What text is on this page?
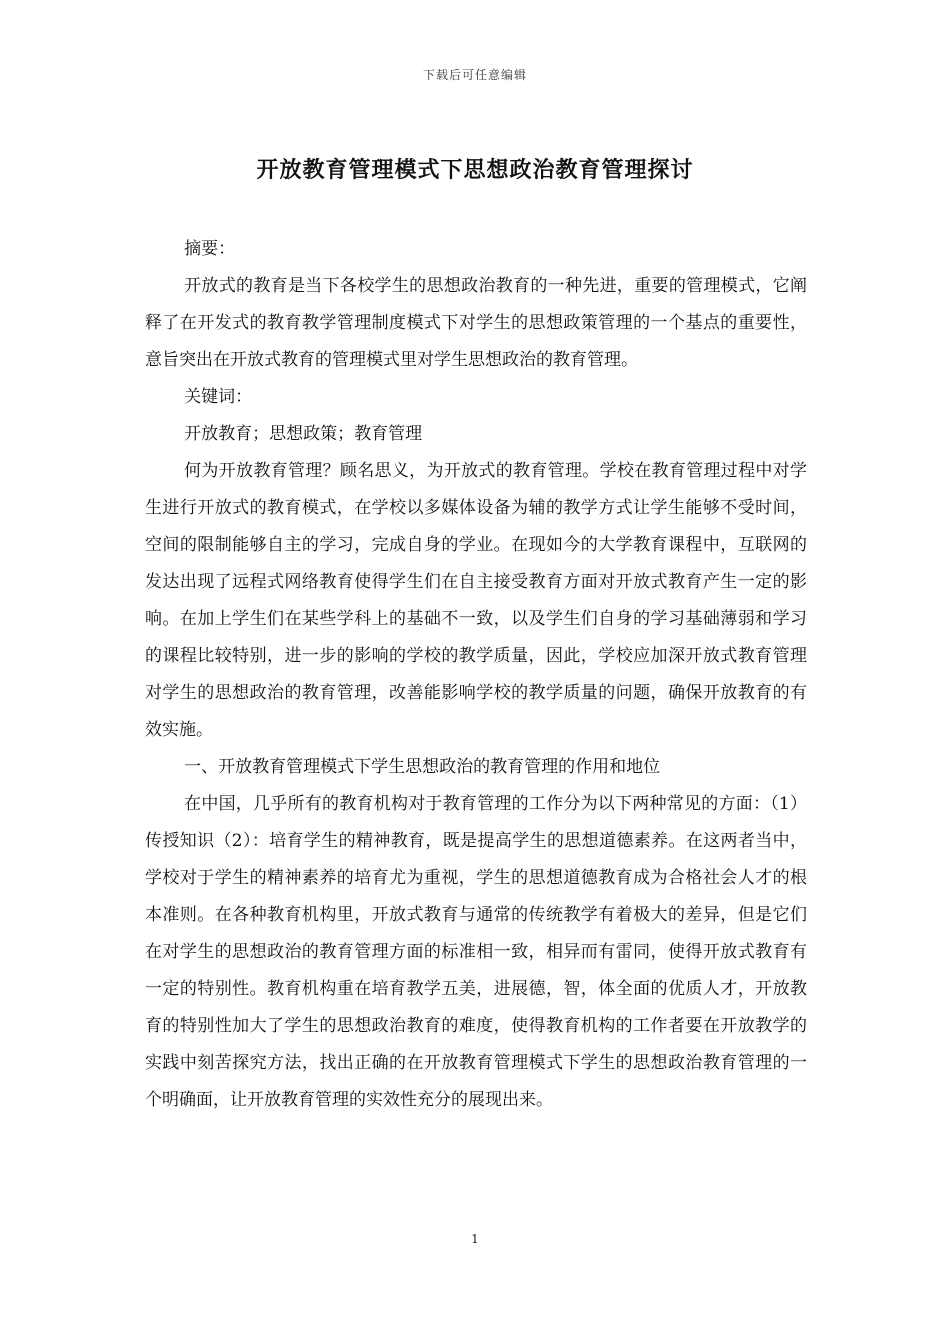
下载后可任意编辑
开放教育管理模式下思想政治教育管理探讨

摘要：

开放式的教育是当下各校学生的思想政治教育的一种先进，重要的管理模式，它阐释了在开发式的教育教学管理制度模式下对学生的思想政策管理的一个基点的重要性，意旨突出在开放式教育的管理模式里对学生思想政治的教育管理。

关键词：

开放教育；思想政策；教育管理

何为开放教育管理？顾名思义，为开放式的教育管理。学校在教育管理过程中对学生进行开放式的教育模式，在学校以多媒体设备为辅的教学方式让学生能够不受时间，空间的限制能够自主的学习，完成自身的学业。在现如今的大学教育课程中，互联网的发达出现了远程式网络教育使得学生们在自主接受教育方面对开放式教育产生一定的影响。在加上学生们在某些学科上的基础不一致，以及学生们自身的学习基础薄弱和学习的课程比较特别，进一步的影响的学校的教学质量，因此，学校应加深开放式教育管理对学生的思想政治的教育管理，改善能影响学校的教学质量的问题，确保开放教育的有效实施。

一、开放教育管理模式下学生思想政治的教育管理的作用和地位

在中国，几乎所有的教育机构对于教育管理的工作分为以下两种常见的方面：（1）传授知识（2）：培育学生的精神教育，既是提高学生的思想道德素养。在这两者当中，学校对于学生的精神素养的培育尤为重视，学生的思想道德教育成为合格社会人才的根本准则。在各种教育机构里，开放式教育与通常的传统教学有着极大的差异，但是它们在对学生的思想政治的教育管理方面的标准相一致，相异而有雷同，使得开放式教育有一定的特别性。教育机构重在培育教学五美，进展德，智，体全面的优质人才，开放教育的特别性加大了学生的思想政治教育的难度，使得教育机构的工作者要在开放教学的实践中刻苦探究方法，找出正确的在开放教育管理模式下学生的思想政治教育管理的一个明确面，让开放教育管理的实效性充分的展现出来。

1
